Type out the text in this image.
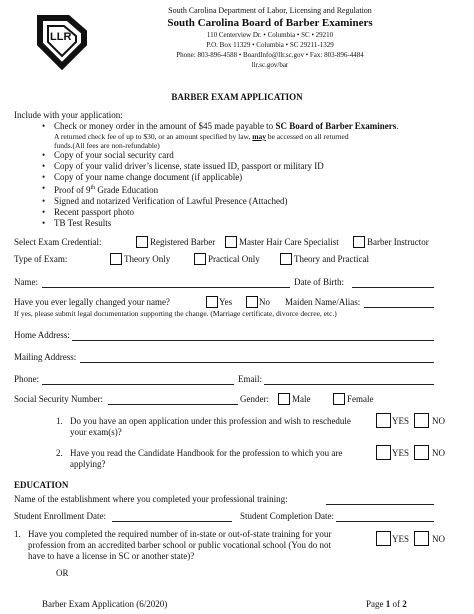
LLR
South Carolina Department of Labor, Licensing and Regulation
South Carolina Board of Barber Examiners
110 Centerview Dr. • Columbia • SC • 29210
P.O. Box 11329 • Columbia • SC 29211-1329
Phone: 803-896-4588 • BoardInfo@llr.sc.gov • Fax: 803-896-4484
llr.sc.gov/bar
BARBER EXAM APPLICATION
Include with your application:
• Check or money order in the amount of $45 made payable to SC Board of Barber Examiners.
A returned check fee of up to $30, or an amount specified by law, may be accessed on all returned
funds.(All fees are non-refundable)
• Copy of your social security card
• Copy of your valid driver’s license, state issued ID, passport or military ID
• Copy of your name change document (if applicable)
• Proof of 9th Grade Education
• Signed and notarized Verification of Lawful Presence (Attached)
• Recent passport photo
• TB Test Results
Select Exam Credential:	Registered Barber	Master Hair Care Specialist	Barber Instructor
Type of Exam:	Theory Only	Practical Only	Theory and Practical
Name:	Date of Birth:
Have you ever legally changed your name?	Yes	No Maiden Name/Alias:
If yes, please submit legal documentation supporting the change. (Marriage certificate, divorce decree, etc.)
Home Address:
Mailing Address:
Phone:	Email:
Social Security Number:	Gender:	Male	Female
1. Do you have an open application under this profession and wish to reschedule
your exam(s)?
YES	NO
2. Have you read the Candidate Handbook for the profession to which you are
applying?
YES	NO
EDUCATION
Name of the establishment where you completed your professional training:
Student Enrollment Date:	Student Completion Date:
1. Have you completed the required number of in-state or out-of-state training for your
profession from an accredited barber school or public vocational school (You do not
have to have a license in SC or another state)?
YES	NO
OR
Barber Exam Application (6/2020)	Page 1 of 2
